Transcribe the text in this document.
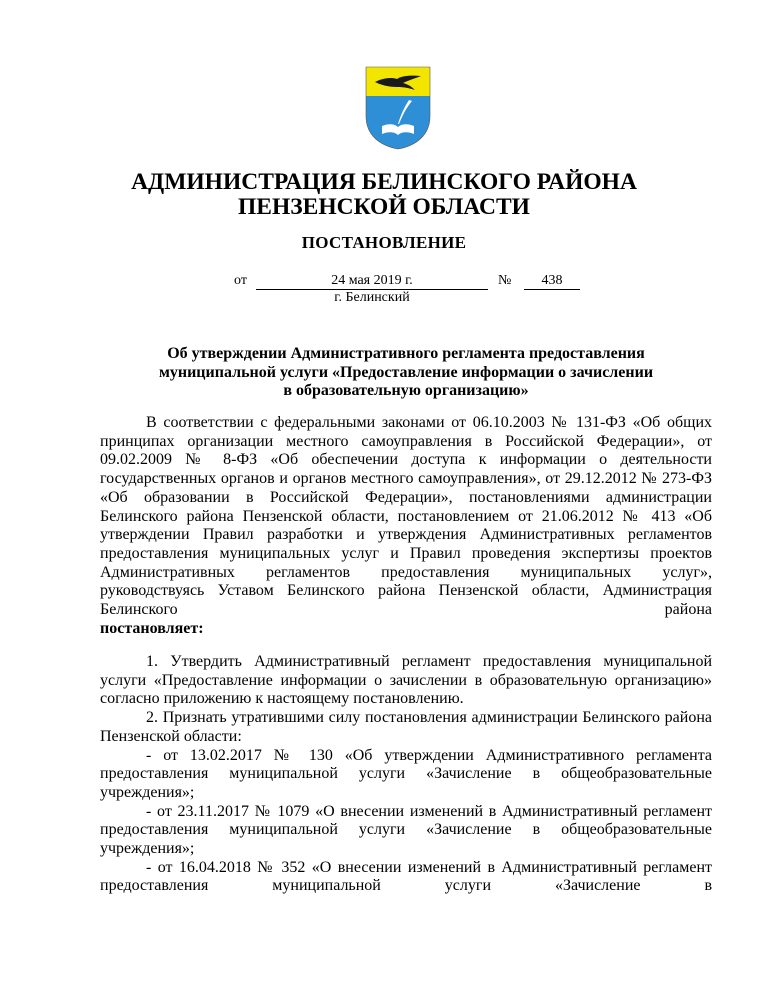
АДМИНИСТРАЦИЯ БЕЛИНСКОГО РАЙОНА
ПЕНЗЕНСКОЙ ОБЛАСТИ
ПОСТАНОВЛЕНИЕ
от	24 мая 2019 г.	№	438
г. Белинский
Об утверждении Административного регламента предоставления
муниципальной услуги «Предоставление информации о зачислении
в образовательную организацию»

В соответствии с федеральными законами от 06.10.2003 № 131-ФЗ «Об общих принципах организации местного самоуправления в Российской Федерации», от 09.02.2009 № 8-ФЗ «Об обеспечении доступа к информации о деятельности государственных органов и органов местного самоуправления», от 29.12.2012 № 273-ФЗ «Об образовании в Российской Федерации», постановлениями администрации Белинского района Пензенской области, постановлением от 21.06.2012 № 413 «Об утверждении Правил разработки и утверждения Административных регламентов предоставления муниципальных услуг и Правил проведения экспертизы проектов Административных регламентов предоставления муниципальных услуг», руководствуясь Уставом Белинского района Пензенской области, Администрация Белинского района

постановляет:

1. Утвердить Административный регламент предоставления муниципальной услуги «Предоставление информации о зачислении в образовательную организацию» согласно приложению к настоящему постановлению.

2. Признать утратившими силу постановления администрации Белинского района Пензенской области:

- от 13.02.2017 № 130 «Об утверждении Административного регламента предоставления муниципальной услуги «Зачисление в общеобразовательные учреждения»;

- от 23.11.2017 № 1079 «О внесении изменений в Административный регламент предоставления муниципальной услуги «Зачисление в общеобразовательные учреждения»;

- от 16.04.2018 № 352 «О внесении изменений в Административный регламент предоставления муниципальной услуги «Зачисление в
